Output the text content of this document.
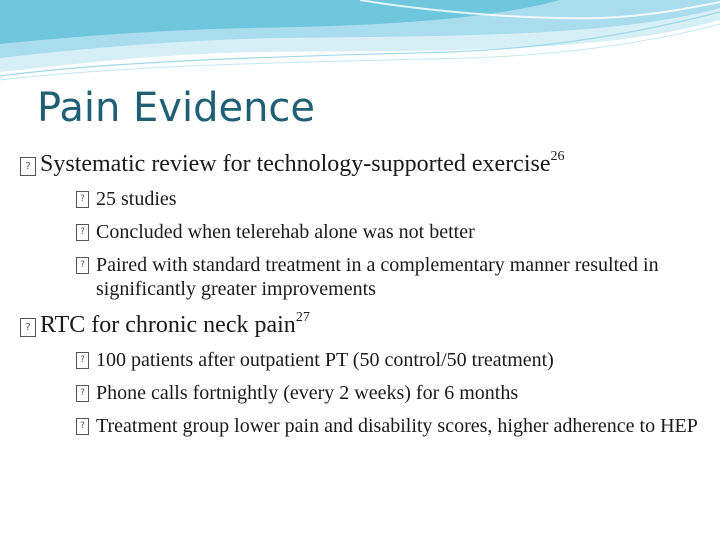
Pain Evidence
? Systematic review for technology-supported exercise$^{26}$
? 25 studies
? Concluded when telerehab alone was not better
? Paired with standard treatment in a complementary manner resulted in significantly greater improvements
? RTC for chronic neck pain$^{27}$
? 100 patients after outpatient PT (50 control/50 treatment)
? Phone calls fortnightly (every 2 weeks) for 6 months
? Treatment group lower pain and disability scores, higher adherence to HEP
